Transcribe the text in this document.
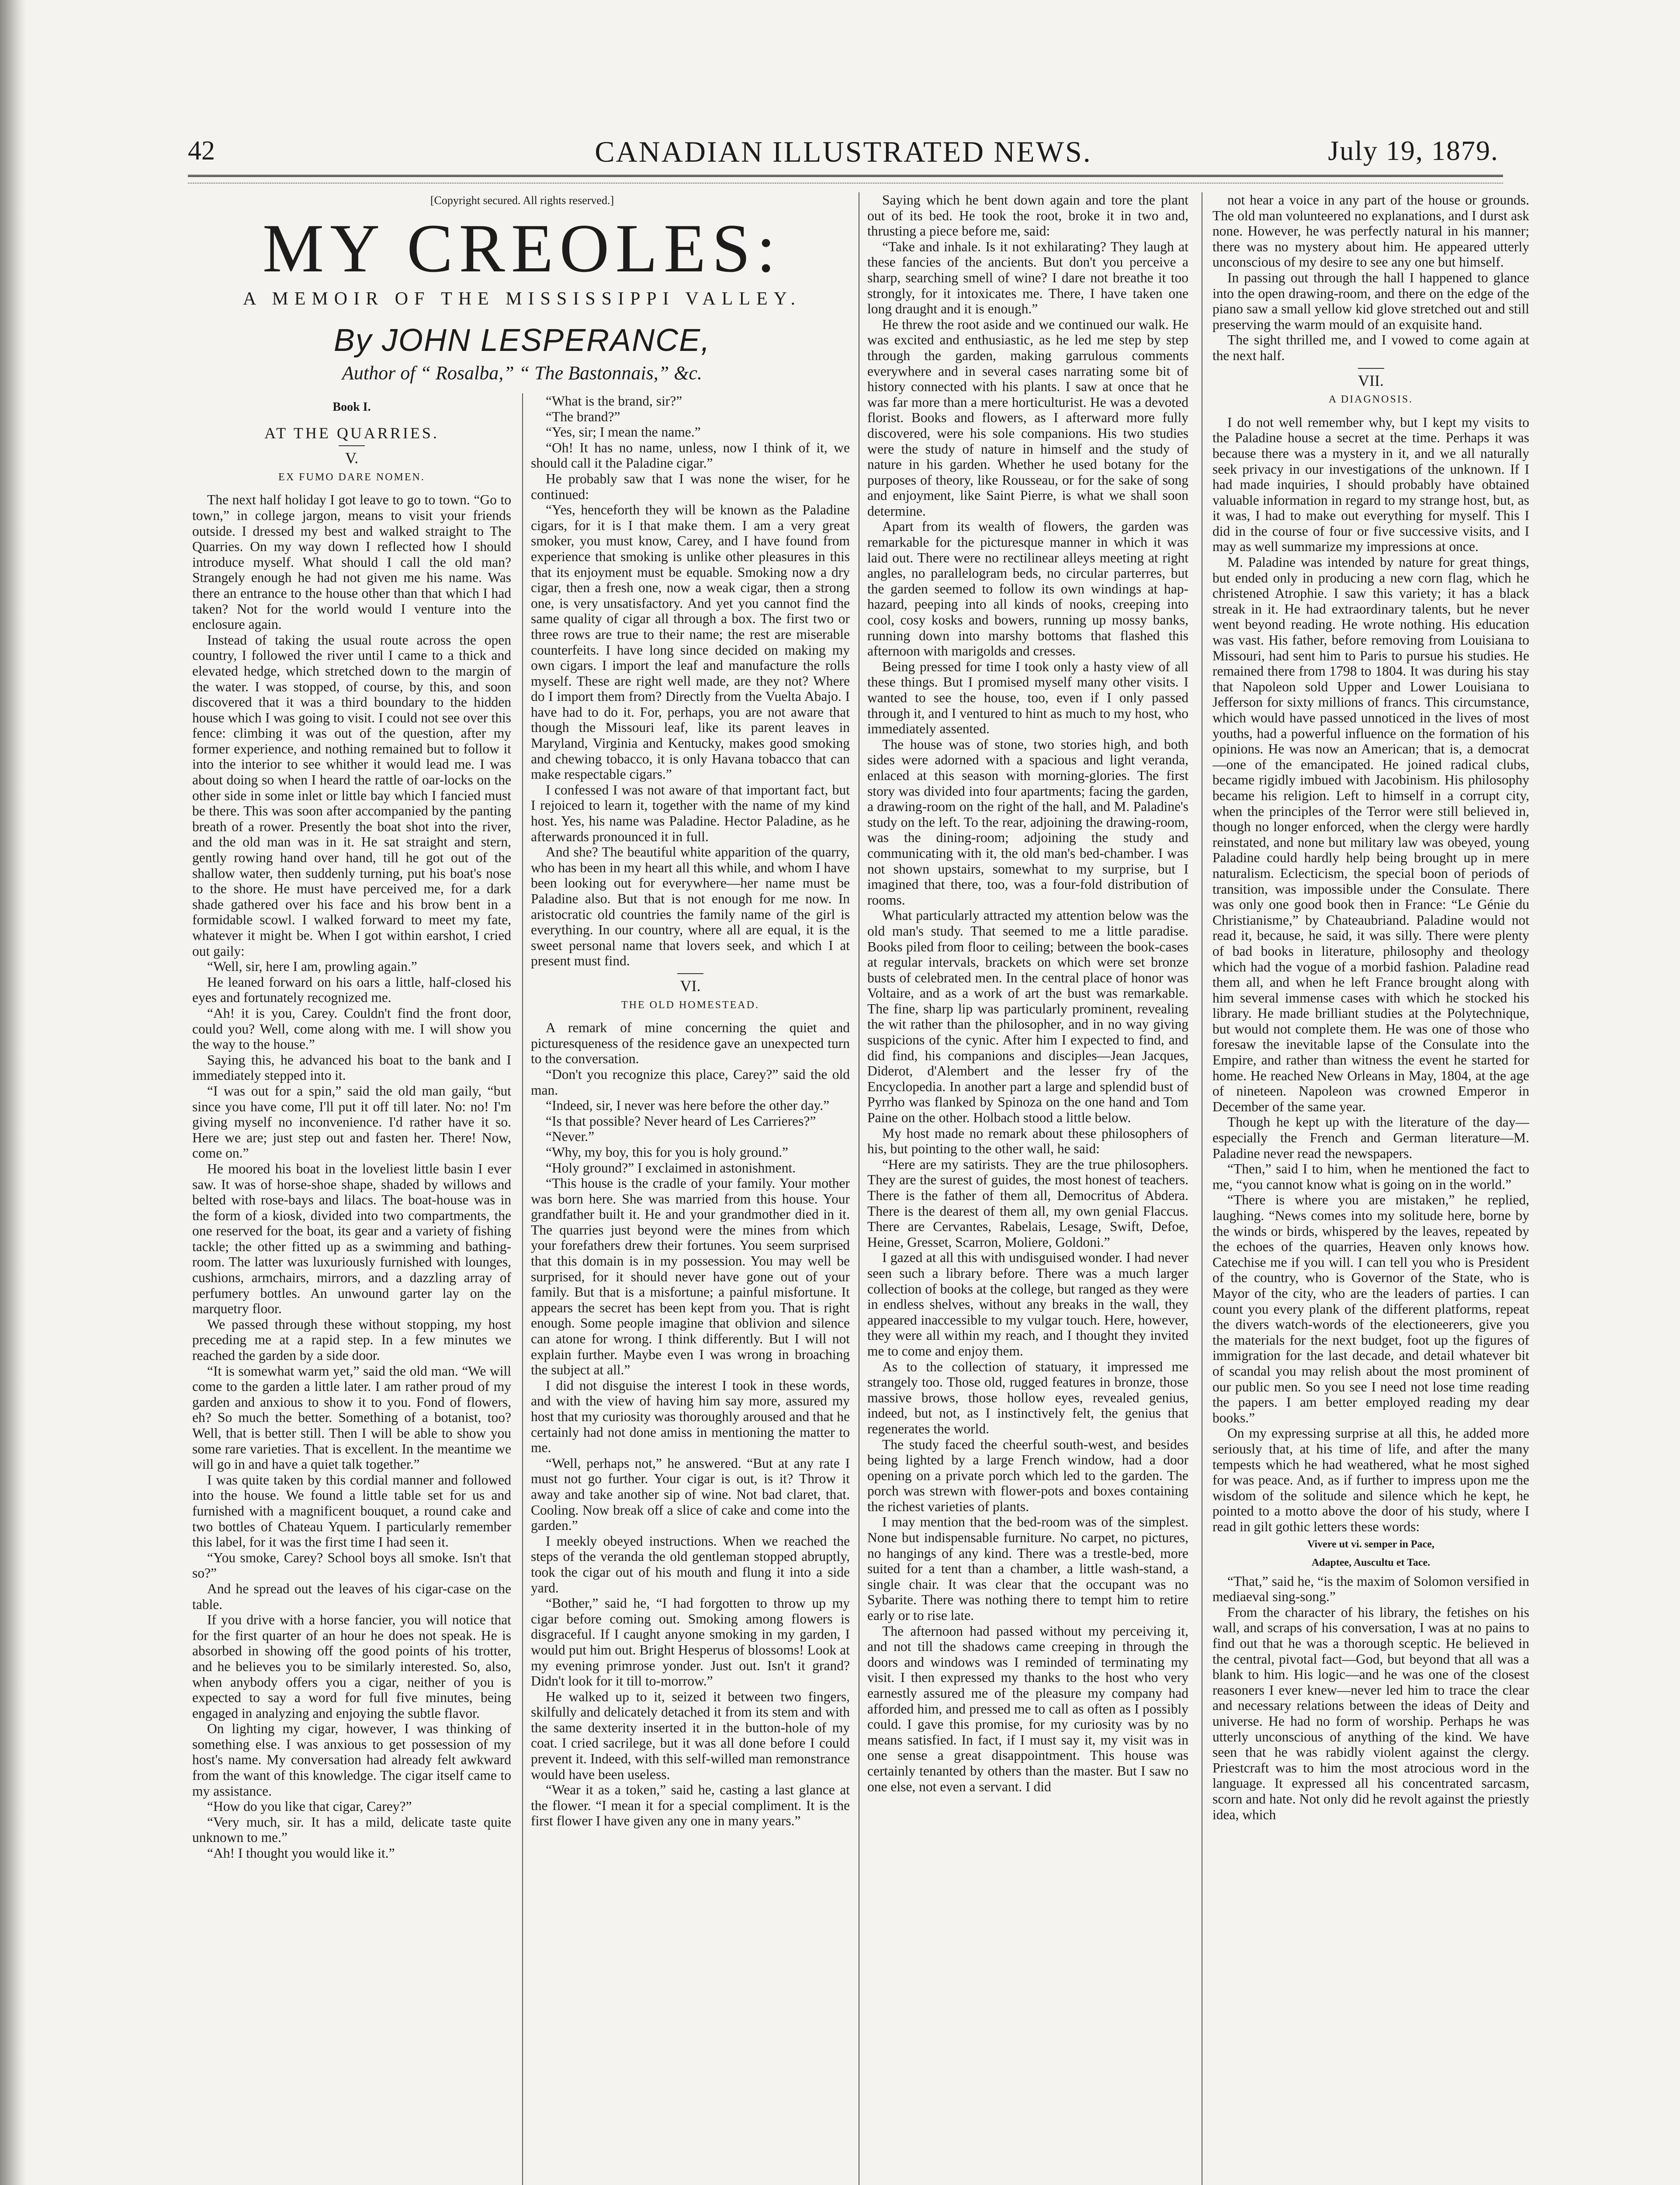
42	CANADIAN ILLUSTRATED NEWS.	July 19, 1879.
[Copyright secured. All rights reserved.]
MY CREOLES:
A MEMOIR OF THE MISSISSIPPI VALLEY.
By JOHN LESPERANCE,
Author of “ Rosalba,” “ The Bastonnais,” &c.
Book I.
AT THE QUARRIES.
V.
EX FUMO DARE NOMEN.

The next half holiday I got leave to go to town. “Go to town,” in college jargon, means to visit your friends outside. I dressed my best and walked straight to The Quarries. On my way down I reflected how I should introduce myself. What should I call the old man? Strangely enough he had not given me his name. Was there an entrance to the house other than that which I had taken? Not for the world would I venture into the enclosure again.

Instead of taking the usual route across the open country, I followed the river until I came to a thick and elevated hedge, which stretched down to the margin of the water. I was stopped, of course, by this, and soon discovered that it was a third boundary to the hidden house which I was going to visit. I could not see over this fence: climbing it was out of the question, after my former experience, and nothing remained but to follow it into the interior to see whither it would lead me. I was about doing so when I heard the rattle of oar-locks on the other side in some inlet or little bay which I fancied must be there. This was soon after accompanied by the panting breath of a rower. Presently the boat shot into the river, and the old man was in it. He sat straight and stern, gently rowing hand over hand, till he got out of the shallow water, then suddenly turning, put his boat's nose to the shore. He must have perceived me, for a dark shade gathered over his face and his brow bent in a formidable scowl. I walked forward to meet my fate, whatever it might be. When I got within earshot, I cried out gaily:

“Well, sir, here I am, prowling again.”

He leaned forward on his oars a little, half-closed his eyes and fortunately recognized me.

“Ah! it is you, Carey. Couldn't find the front door, could you? Well, come along with me. I will show you the way to the house.”

Saying this, he advanced his boat to the bank and I immediately stepped into it.

“I was out for a spin,” said the old man gaily, “but since you have come, I'll put it off till later. No: no! I'm giving myself no inconvenience. I'd rather have it so. Here we are; just step out and fasten her. There! Now, come on.”

He moored his boat in the loveliest little basin I ever saw. It was of horse-shoe shape, shaded by willows and belted with rose-bays and lilacs. The boat-house was in the form of a kiosk, divided into two compartments, the one reserved for the boat, its gear and a variety of fishing tackle; the other fitted up as a swimming and bathing-room. The latter was luxuriously furnished with lounges, cushions, armchairs, mirrors, and a dazzling array of perfumery bottles. An unwound garter lay on the marquetry floor.

We passed through these without stopping, my host preceding me at a rapid step. In a few minutes we reached the garden by a side door.

“It is somewhat warm yet,” said the old man. “We will come to the garden a little later. I am rather proud of my garden and anxious to show it to you. Fond of flowers, eh? So much the better. Something of a botanist, too? Well, that is better still. Then I will be able to show you some rare varieties. That is excellent. In the meantime we will go in and have a quiet talk together.”

I was quite taken by this cordial manner and followed into the house. We found a little table set for us and furnished with a magnificent bouquet, a round cake and two bottles of Chateau Yquem. I particularly remember this label, for it was the first time I had seen it.

“You smoke, Carey? School boys all smoke. Isn't that so?”

And he spread out the leaves of his cigar-case on the table.

If you drive with a horse fancier, you will notice that for the first quarter of an hour he does not speak. He is absorbed in showing off the good points of his trotter, and he believes you to be similarly interested. So, also, when anybody offers you a cigar, neither of you is expected to say a word for full five minutes, being engaged in analyzing and enjoying the subtle flavor.

On lighting my cigar, however, I was thinking of something else. I was anxious to get possession of my host's name. My conversation had already felt awkward from the want of this knowledge. The cigar itself came to my assistance.

“How do you like that cigar, Carey?”

“Very much, sir. It has a mild, delicate taste quite unknown to me.”

“Ah! I thought you would like it.”

“What is the brand, sir?”

“The brand?”

“Yes, sir; I mean the name.”

“Oh! It has no name, unless, now I think of it, we should call it the Paladine cigar.”

He probably saw that I was none the wiser, for he continued:

“Yes, henceforth they will be known as the Paladine cigars, for it is I that make them. I am a very great smoker, you must know, Carey, and I have found from experience that smoking is unlike other pleasures in this that its enjoyment must be equable. Smoking now a dry cigar, then a fresh one, now a weak cigar, then a strong one, is very unsatisfactory. And yet you cannot find the same quality of cigar all through a box. The first two or three rows are true to their name; the rest are miserable counterfeits. I have long since decided on making my own cigars. I import the leaf and manufacture the rolls myself. These are right well made, are they not? Where do I import them from? Directly from the Vuelta Abajo. I have had to do it. For, perhaps, you are not aware that though the Missouri leaf, like its parent leaves in Maryland, Virginia and Kentucky, makes good smoking and chewing tobacco, it is only Havana tobacco that can make respectable cigars.”

I confessed I was not aware of that important fact, but I rejoiced to learn it, together with the name of my kind host. Yes, his name was Paladine. Hector Paladine, as he afterwards pronounced it in full.

And she? The beautiful white apparition of the quarry, who has been in my heart all this while, and whom I have been looking out for everywhere—her name must be Paladine also. But that is not enough for me now. In aristocratic old countries the family name of the girl is everything. In our country, where all are equal, it is the sweet personal name that lovers seek, and which I at present must find.

VI.
THE OLD HOMESTEAD.

A remark of mine concerning the quiet and picturesqueness of the residence gave an unexpected turn to the conversation.

“Don't you recognize this place, Carey?” said the old man.

“Indeed, sir, I never was here before the other day.”

“Is that possible? Never heard of Les Carrieres?”

“Never.”

“Why, my boy, this for you is holy ground.”

“Holy ground?” I exclaimed in astonishment.

“This house is the cradle of your family. Your mother was born here. She was married from this house. Your grandfather built it. He and your grandmother died in it. The quarries just beyond were the mines from which your forefathers drew their fortunes. You seem surprised that this domain is in my possession. You may well be surprised, for it should never have gone out of your family. But that is a misfortune; a painful misfortune. It appears the secret has been kept from you. That is right enough. Some people imagine that oblivion and silence can atone for wrong. I think differently. But I will not explain further. Maybe even I was wrong in broaching the subject at all.”

I did not disguise the interest I took in these words, and with the view of having him say more, assured my host that my curiosity was thoroughly aroused and that he certainly had not done amiss in mentioning the matter to me.

“Well, perhaps not,” he answered. “But at any rate I must not go further. Your cigar is out, is it? Throw it away and take another sip of wine. Not bad claret, that. Cooling. Now break off a slice of cake and come into the garden.”

I meekly obeyed instructions. When we reached the steps of the veranda the old gentleman stopped abruptly, took the cigar out of his mouth and flung it into a side yard.

“Bother,” said he, “I had forgotten to throw up my cigar before coming out. Smoking among flowers is disgraceful. If I caught anyone smoking in my garden, I would put him out. Bright Hesperus of blossoms! Look at my evening primrose yonder. Just out. Isn't it grand? Didn't look for it till to-morrow.”

He walked up to it, seized it between two fingers, skilfully and delicately detached it from its stem and with the same dexterity inserted it in the button-hole of my coat. I cried sacrilege, but it was all done before I could prevent it. Indeed, with this self-willed man remonstrance would have been useless.

“Wear it as a token,” said he, casting a last glance at the flower. “I mean it for a special compliment. It is the first flower I have given any one in many years.”

Saying which he bent down again and tore the plant out of its bed. He took the root, broke it in two and, thrusting a piece before me, said:

“Take and inhale. Is it not exhilarating? They laugh at these fancies of the ancients. But don't you perceive a sharp, searching smell of wine? I dare not breathe it too strongly, for it intoxicates me. There, I have taken one long draught and it is enough.”

He threw the root aside and we continued our walk. He was excited and enthusiastic, as he led me step by step through the garden, making garrulous comments everywhere and in several cases narrating some bit of history connected with his plants. I saw at once that he was far more than a mere horticulturist. He was a devoted florist. Books and flowers, as I afterward more fully discovered, were his sole companions. His two studies were the study of nature in himself and the study of nature in his garden. Whether he used botany for the purposes of theory, like Rousseau, or for the sake of song and enjoyment, like Saint Pierre, is what we shall soon determine.

Apart from its wealth of flowers, the garden was remarkable for the picturesque manner in which it was laid out. There were no rectilinear alleys meeting at right angles, no parallelogram beds, no circular parterres, but the garden seemed to follow its own windings at hap-hazard, peeping into all kinds of nooks, creeping into cool, cosy kosks and bowers, running up mossy banks, running down into marshy bottoms that flashed this afternoon with marigolds and cresses.

Being pressed for time I took only a hasty view of all these things. But I promised myself many other visits. I wanted to see the house, too, even if I only passed through it, and I ventured to hint as much to my host, who immediately assented.

The house was of stone, two stories high, and both sides were adorned with a spacious and light veranda, enlaced at this season with morning-glories. The first story was divided into four apartments; facing the garden, a drawing-room on the right of the hall, and M. Paladine's study on the left. To the rear, adjoining the drawing-room, was the dining-room; adjoining the study and communicating with it, the old man's bed-chamber. I was not shown upstairs, somewhat to my surprise, but I imagined that there, too, was a four-fold distribution of rooms.

What particularly attracted my attention below was the old man's study. That seemed to me a little paradise. Books piled from floor to ceiling; between the book-cases at regular intervals, brackets on which were set bronze busts of celebrated men. In the central place of honor was Voltaire, and as a work of art the bust was remarkable. The fine, sharp lip was particularly prominent, revealing the wit rather than the philosopher, and in no way giving suspicions of the cynic. After him I expected to find, and did find, his companions and disciples—Jean Jacques, Diderot, d'Alembert and the lesser fry of the Encyclopedia. In another part a large and splendid bust of Pyrrho was flanked by Spinoza on the one hand and Tom Paine on the other. Holbach stood a little below.

My host made no remark about these philosophers of his, but pointing to the other wall, he said:

“Here are my satirists. They are the true philosophers. They are the surest of guides, the most honest of teachers. There is the father of them all, Democritus of Abdera. There is the dearest of them all, my own genial Flaccus. There are Cervantes, Rabelais, Lesage, Swift, Defoe, Heine, Gresset, Scarron, Moliere, Goldoni.”

I gazed at all this with undisguised wonder. I had never seen such a library before. There was a much larger collection of books at the college, but ranged as they were in endless shelves, without any breaks in the wall, they appeared inaccessible to my vulgar touch. Here, however, they were all within my reach, and I thought they invited me to come and enjoy them.

As to the collection of statuary, it impressed me strangely too. Those old, rugged features in bronze, those massive brows, those hollow eyes, revealed genius, indeed, but not, as I instinctively felt, the genius that regenerates the world.

The study faced the cheerful south-west, and besides being lighted by a large French window, had a door opening on a private porch which led to the garden. The porch was strewn with flower-pots and boxes containing the richest varieties of plants.

I may mention that the bed-room was of the simplest. None but indispensable furniture. No carpet, no pictures, no hangings of any kind. There was a trestle-bed, more suited for a tent than a chamber, a little wash-stand, a single chair. It was clear that the occupant was no Sybarite. There was nothing there to tempt him to retire early or to rise late.

The afternoon had passed without my perceiving it, and not till the shadows came creeping in through the doors and windows was I reminded of terminating my visit. I then expressed my thanks to the host who very earnestly assured me of the pleasure my company had afforded him, and pressed me to call as often as I possibly could. I gave this promise, for my curiosity was by no means satisfied. In fact, if I must say it, my visit was in one sense a great disappointment. This house was certainly tenanted by others than the master. But I saw no one else, not even a servant. I did

not hear a voice in any part of the house or grounds. The old man volunteered no explanations, and I durst ask none. However, he was perfectly natural in his manner; there was no mystery about him. He appeared utterly unconscious of my desire to see any one but himself.

In passing out through the hall I happened to glance into the open drawing-room, and there on the edge of the piano saw a small yellow kid glove stretched out and still preserving the warm mould of an exquisite hand.

The sight thrilled me, and I vowed to come again at the next half.

VII.
A DIAGNOSIS.

I do not well remember why, but I kept my visits to the Paladine house a secret at the time. Perhaps it was because there was a mystery in it, and we all naturally seek privacy in our investigations of the unknown. If I had made inquiries, I should probably have obtained valuable information in regard to my strange host, but, as it was, I had to make out everything for myself. This I did in the course of four or five successive visits, and I may as well summarize my impressions at once.

M. Paladine was intended by nature for great things, but ended only in producing a new corn flag, which he christened Atrophie. I saw this variety; it has a black streak in it. He had extraordinary talents, but he never went beyond reading. He wrote nothing. His education was vast. His father, before removing from Louisiana to Missouri, had sent him to Paris to pursue his studies. He remained there from 1798 to 1804. It was during his stay that Napoleon sold Upper and Lower Louisiana to Jefferson for sixty millions of francs. This circumstance, which would have passed unnoticed in the lives of most youths, had a powerful influence on the formation of his opinions. He was now an American; that is, a democrat—one of the emancipated. He joined radical clubs, became rigidly imbued with Jacobinism. His philosophy became his religion. Left to himself in a corrupt city, when the principles of the Terror were still believed in, though no longer enforced, when the clergy were hardly reinstated, and none but military law was obeyed, young Paladine could hardly help being brought up in mere naturalism. Eclecticism, the special boon of periods of transition, was impossible under the Consulate. There was only one good book then in France: “Le Génie du Christianisme,” by Chateaubriand. Paladine would not read it, because, he said, it was silly. There were plenty of bad books in literature, philosophy and theology which had the vogue of a morbid fashion. Paladine read them all, and when he left France brought along with him several immense cases with which he stocked his library. He made brilliant studies at the Polytechnique, but would not complete them. He was one of those who foresaw the inevitable lapse of the Consulate into the Empire, and rather than witness the event he started for home. He reached New Orleans in May, 1804, at the age of nineteen. Napoleon was crowned Emperor in December of the same year.

Though he kept up with the literature of the day—especially the French and German literature—M. Paladine never read the newspapers.

“Then,” said I to him, when he mentioned the fact to me, “you cannot know what is going on in the world.”

“There is where you are mistaken,” he replied, laughing. “News comes into my solitude here, borne by the winds or birds, whispered by the leaves, repeated by the echoes of the quarries, Heaven only knows how. Catechise me if you will. I can tell you who is President of the country, who is Governor of the State, who is Mayor of the city, who are the leaders of parties. I can count you every plank of the different platforms, repeat the divers watch-words of the electioneerers, give you the materials for the next budget, foot up the figures of immigration for the last decade, and detail whatever bit of scandal you may relish about the most prominent of our public men. So you see I need not lose time reading the papers. I am better employed reading my dear books.”

On my expressing surprise at all this, he added more seriously that, at his time of life, and after the many tempests which he had weathered, what he most sighed for was peace. And, as if further to impress upon me the wisdom of the solitude and silence which he kept, he pointed to a motto above the door of his study, where I read in gilt gothic letters these words:

Vivere ut vi. semper in Pace,
Adaptee, Auscultu et Tace.

“That,” said he, “is the maxim of Solomon versified in mediaeval sing-song.”

From the character of his library, the fetishes on his wall, and scraps of his conversation, I was at no pains to find out that he was a thorough sceptic. He believed in the central, pivotal fact—God, but beyond that all was a blank to him. His logic—and he was one of the closest reasoners I ever knew—never led him to trace the clear and necessary relations between the ideas of Deity and universe. He had no form of worship. Perhaps he was utterly unconscious of anything of the kind. We have seen that he was rabidly violent against the clergy. Priestcraft was to him the most atrocious word in the language. It expressed all his concentrated sarcasm, scorn and hate. Not only did he revolt against the priestly idea, which
